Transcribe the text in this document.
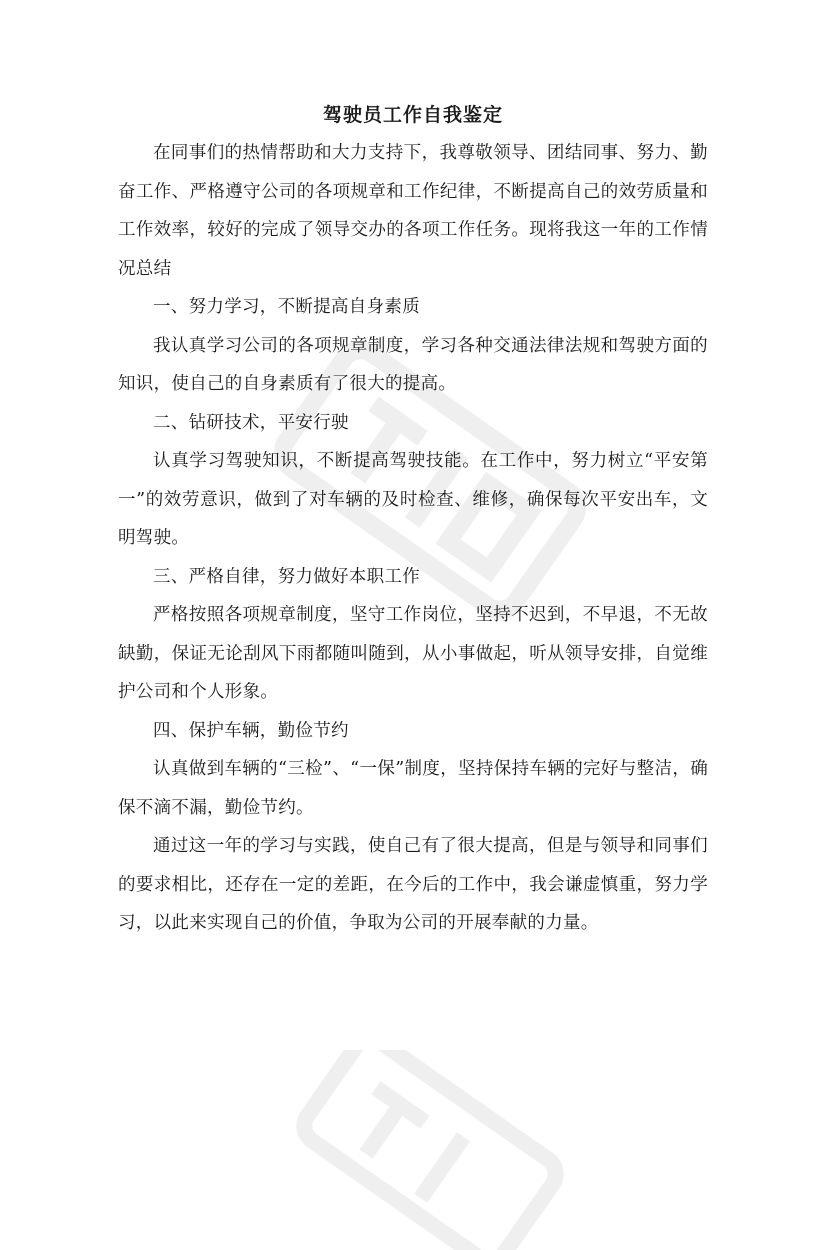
驾驶员工作自我鉴定

在同事们的热情帮助和大力支持下，我尊敬领导、团结同事、努力、勤奋工作、严格遵守公司的各项规章和工作纪律，不断提高自己的效劳质量和工作效率，较好的完成了领导交办的各项工作任务。现将我这一年的工作情况总结

一、努力学习，不断提高自身素质

我认真学习公司的各项规章制度，学习各种交通法律法规和驾驶方面的知识，使自己的自身素质有了很大的提高。

二、钻研技术，平安行驶

认真学习驾驶知识，不断提高驾驶技能。在工作中，努力树立“平安第一”的效劳意识，做到了对车辆的及时检查、维修，确保每次平安出车，文明驾驶。

三、严格自律，努力做好本职工作

严格按照各项规章制度，坚守工作岗位，坚持不迟到，不早退，不无故缺勤，保证无论刮风下雨都随叫随到，从小事做起，听从领导安排，自觉维护公司和个人形象。

四、保护车辆，勤俭节约

认真做到车辆的“三检”、“一保”制度，坚持保持车辆的完好与整洁，确保不滴不漏，勤俭节约。

通过这一年的学习与实践，使自己有了很大提高，但是与领导和同事们的要求相比，还存在一定的差距，在今后的工作中，我会谦虚慎重，努力学习，以此来实现自己的价值，争取为公司的开展奉献的力量。
